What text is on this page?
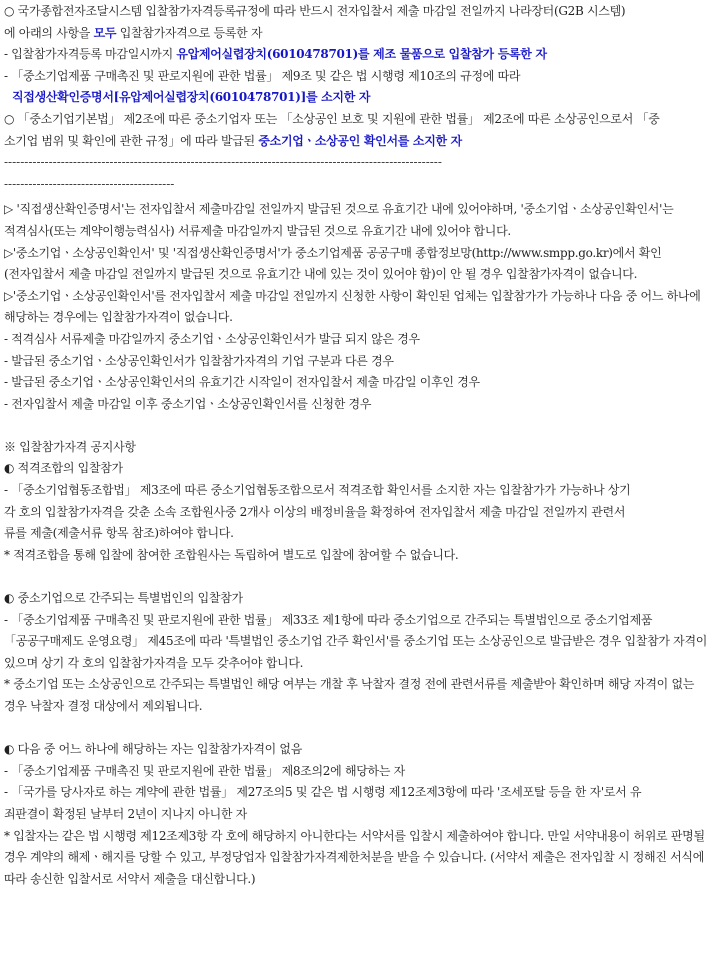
○ 국가종합전자조달시스템 입찰참가자격등록규정에 따라 반드시 전자입찰서 제출 마감일 전일까지 나라장터(G2B 시스템)
에 아래의 사항을 모두 입찰참가자격으로 등록한 자
- 입찰참가자격등록 마감일시까지 유압제어실렵장치(6010478701)를 제조 물품으로 입찰참가 등록한 자
- 「중소기업제품 구매촉진 및 판로지원에 관한 법률」 제9조 및 같은 법 시행령 제10조의 규정에 따라
직접생산확인증명서[유압제어실렵장치(6010478701)]를 소지한 자
○ 「중소기업기본법」 제2조에 따른 중소기업자 또는 「소상공인 보호 및 지원에 관한 법률」 제2조에 따른 소상공인으로서 「중
소기업 범위 및 확인에 관한 규정」에 따라 발급된 중소기업ㆍ소상공인 확인서를 소지한 자
------------------------------------------------------------------------------------------------------------
------------------------------------------
▷ '직접생산확인증명서'는 전자입찰서 제출마감일 전일까지 발급된 것으로 유효기간 내에 있어야하며, '중소기업ㆍ소상공인확인서'는 적격심사(또는 계약이행능력심사) 서류제출 마감일까지 발급된 것으로 유효기간 내에 있어야 합니다.
▷'중소기업ㆍ소상공인확인서' 및 '직접생산확인증명서'가 중소기업제품 공공구매 종합정보망(http://www.smpp.go.kr)에서 확인(전자입찰서 제출 마감일 전일까지 발급된 것으로 유효기간 내에 있는 것이 있어야 함)이 안 될 경우 입찰참가자격이 없습니다.
▷'중소기업ㆍ소상공인확인서'를 전자입찰서 제출 마감일 전일까지 신청한 사항이 확인된 업체는 입찰참가가 가능하나 다음 중 어느 하나에 해당하는 경우에는 입찰참가자격이 없습니다.
- 적격심사 서류제출 마감일까지 중소기업ㆍ소상공인확인서가 발급 되지 않은 경우
- 발급된 중소기업ㆍ소상공인확인서가 입찰참가자격의 기업 구분과 다른 경우
- 발급된 중소기업ㆍ소상공인확인서의 유효기간 시작일이 전자입찰서 제출 마감일 이후인 경우
- 전자입찰서 제출 마감일 이후 중소기업ㆍ소상공인확인서를 신청한 경우
※ 입찰참가자격 공지사항
◐ 적격조합의 입찰참가
- 「중소기업협동조합법」 제3조에 따른 중소기업협동조합으로서 적격조합 확인서를 소지한 자는 입찰참가가 가능하나 상기
각 호의 입찰참가자격을 갖춘 소속 조합원사중 2개사 이상의 배정비율을 확정하여 전자입찰서 제출 마감일 전일까지 관련서
류를 제출(제출서류 항목 참조)하여야 합니다.
* 적격조합을 통해 입찰에 참여한 조합원사는 독립하여 별도로 입찰에 참여할 수 없습니다.
◐ 중소기업으로 간주되는 특별법인의 입찰참가
- 「중소기업제품 구매촉진 및 판로지원에 관한 법률」 제33조 제1항에 따라 중소기업으로 간주되는 특별법인으로 중소기업제품 「공공구매제도 운영요령」 제45조에 따라 '특별법인 중소기업 간주 확인서'를 중소기업 또는 소상공인으로 발급받은 경우 입찰참가 자격이 있으며 상기 각 호의 입찰참가자격을 모두 갖추어야 합니다.
* 중소기업 또는 소상공인으로 간주되는 특별법인 해당 여부는 개찰 후 낙찰자 결정 전에 관련서류를 제출받아 확인하며 해당 자격이 없는 경우 낙찰자 결정 대상에서 제외됩니다.
◐ 다음 중 어느 하나에 해당하는 자는 입찰참가자격이 없음
- 「중소기업제품 구매촉진 및 판로지원에 관한 법률」 제8조의2에 해당하는 자
- 「국가를 당사자로 하는 계약에 관한 법률」 제27조의5 및 같은 법 시행령 제12조제3항에 따라 '조세포탈 등을 한 자'로서 유
죄판결이 확정된 날부터 2년이 지나지 아니한 자
* 입찰자는 같은 법 시행령 제12조제3항 각 호에 해당하지 아니한다는 서약서를 입찰시 제출하여야 합니다. 만일 서약내용이 허위로 판명될 경우 계약의 해제ㆍ해지를 당할 수 있고, 부정당업자 입찰참가자격제한처분을 받을 수 있습니다. (서약서 제출은 전자입찰 시 정해진 서식에 따라 송신한 입찰서로 서약서 제출을 대신합니다.)
